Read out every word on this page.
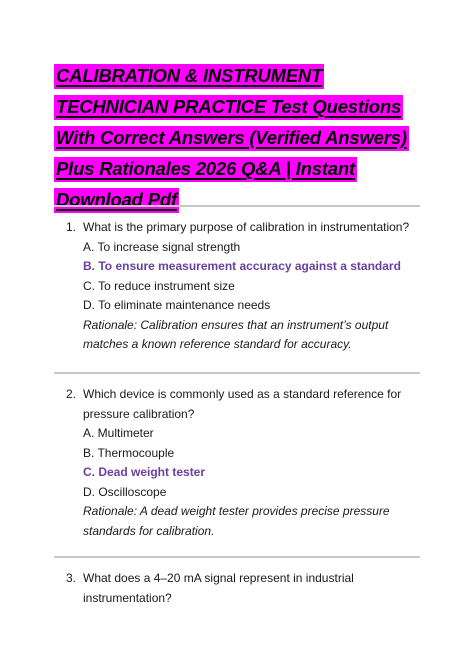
CALIBRATION & INSTRUMENT TECHNICIAN PRACTICE Test Questions With Correct Answers (Verified Answers) Plus Rationales 2026 Q&A | Instant Download Pdf
1. What is the primary purpose of calibration in instrumentation?
A. To increase signal strength
B. To ensure measurement accuracy against a standard
C. To reduce instrument size
D. To eliminate maintenance needs
Rationale: Calibration ensures that an instrument’s output
matches a known reference standard for accuracy.
2. Which device is commonly used as a standard reference for
pressure calibration?
A. Multimeter
B. Thermocouple
C. Dead weight tester
D. Oscilloscope
Rationale: A dead weight tester provides precise pressure
standards for calibration.
3. What does a 4–20 mA signal represent in industrial
instrumentation?
